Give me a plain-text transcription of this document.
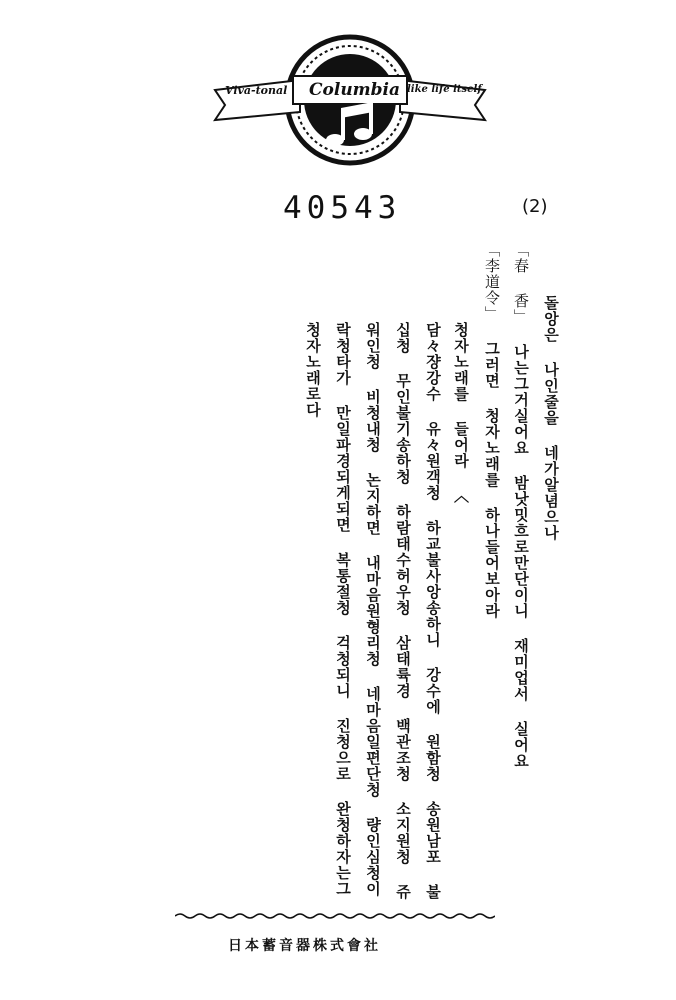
Viva-tonal Columbia like life itself
40543	(2)
돌앙은 나인줄을 네가알념으나
「春 香」 나는그거실어요 밤낫밋흐로만단이니 재미업서 실어요
「李道令」 그러면 청자노래를 하나들어보아라
청자노래를 들어라 〈
담々쟝강수 유々원객청 하교불사앙송하니 강수에 원함청 송원남포 불
십청 무인불기송하청 하람태수허우청 삼태륙경 백관조청 소지원청 쥬
워인청 비청내청 논지하면 내마음원형리청 네마음일편단청 량인심청이
락청타가 만일파경되게되면 복통절청 걱청되니 진청으로 완청하자는그
청자노래로다
日本蓄音器株式會社
